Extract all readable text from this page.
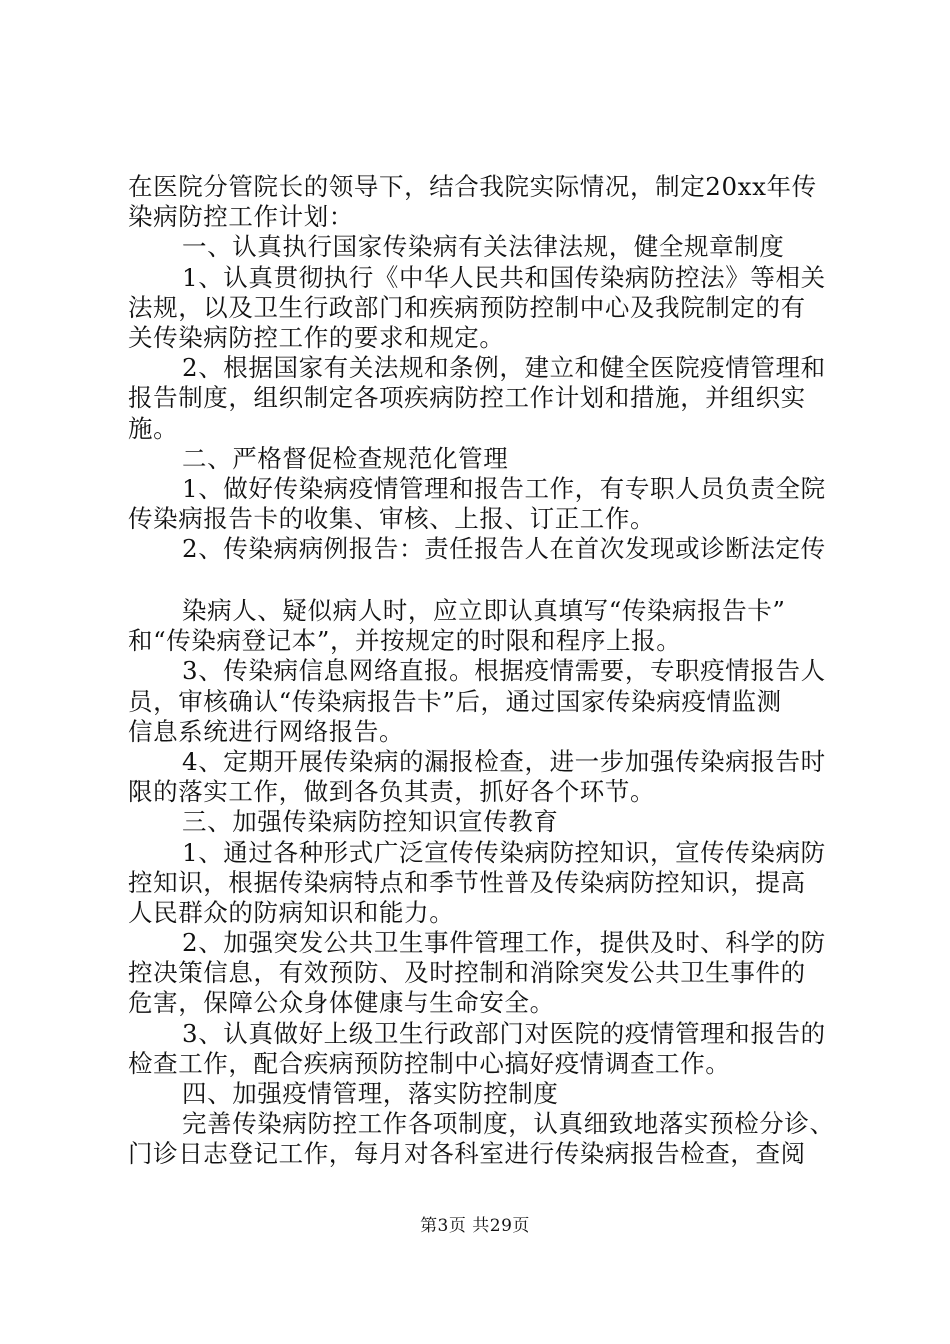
在医院分管院长的领导下，结合我院实际情况，制定20xx年传
染病防控工作计划：
一、认真执行国家传染病有关法律法规，健全规章制度
1、认真贯彻执行《中华人民共和国传染病防控法》等相关
法规，以及卫生行政部门和疾病预防控制中心及我院制定的有
关传染病防控工作的要求和规定。
2、根据国家有关法规和条例，建立和健全医院疫情管理和
报告制度，组织制定各项疾病防控工作计划和措施，并组织实
施。
二、严格督促检查规范化管理
1、做好传染病疫情管理和报告工作，有专职人员负责全院
传染病报告卡的收集、审核、上报、订正工作。
2、传染病病例报告：责任报告人在首次发现或诊断法定传
染病人、疑似病人时，应立即认真填写“传染病报告卡”
和“传染病登记本”，并按规定的时限和程序上报。
3、传染病信息网络直报。根据疫情需要，专职疫情报告人
员，审核确认“传染病报告卡”后，通过国家传染病疫情监测
信息系统进行网络报告。
4、定期开展传染病的漏报检查，进一步加强传染病报告时
限的落实工作，做到各负其责，抓好各个环节。
三、加强传染病防控知识宣传教育
1、通过各种形式广泛宣传传染病防控知识，宣传传染病防
控知识，根据传染病特点和季节性普及传染病防控知识，提高
人民群众的防病知识和能力。
2、加强突发公共卫生事件管理工作，提供及时、科学的防
控决策信息，有效预防、及时控制和消除突发公共卫生事件的
危害，保障公众身体健康与生命安全。
3、认真做好上级卫生行政部门对医院的疫情管理和报告的
检查工作，配合疾病预防控制中心搞好疫情调查工作。
四、加强疫情管理，落实防控制度
完善传染病防控工作各项制度，认真细致地落实预检分诊、
门诊日志登记工作，每月对各科室进行传染病报告检查，查阅
第3页 共29页
